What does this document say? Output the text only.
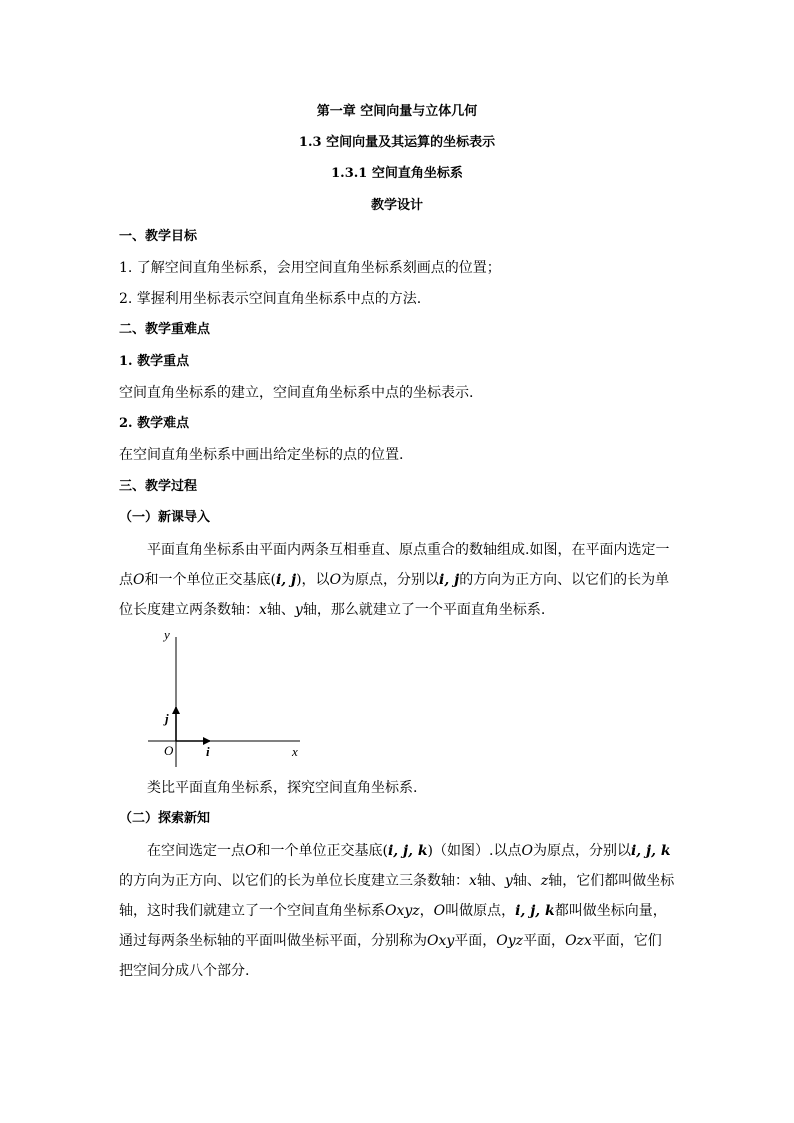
第一章 空间向量与立体几何
1.3 空间向量及其运算的坐标表示
1.3.1 空间直角坐标系
教学设计
一、教学目标
1. 了解空间直角坐标系，会用空间直角坐标系刻画点的位置；
2. 掌握利用坐标表示空间直角坐标系中点的方法.
二、教学重难点
1. 教学重点
空间直角坐标系的建立，空间直角坐标系中点的坐标表示.
2. 教学难点
在空间直角坐标系中画出给定坐标的点的位置.
三、教学过程
（一）新课导入
平面直角坐标系由平面内两条互相垂直、原点重合的数轴组成.如图，在平面内选定一点O和一个单位正交基底(i, j)，以O为原点，分别以i, j的方向为正方向、以它们的长为单位长度建立两条数轴：x轴、y轴，那么就建立了一个平面直角坐标系.
y
x
O	i
j
类比平面直角坐标系，探究空间直角坐标系.
（二）探索新知
在空间选定一点O和一个单位正交基底(i, j, k)（如图）.以点O为原点，分别以i, j, k的方向为正方向、以它们的长为单位长度建立三条数轴：x轴、y轴、z轴，它们都叫做坐标轴，这时我们就建立了一个空间直角坐标系Oxyz，O叫做原点，i, j, k都叫做坐标向量，通过每两条坐标轴的平面叫做坐标平面，分别称为Oxy平面，Oyz平面，Ozx平面，它们把空间分成八个部分.
